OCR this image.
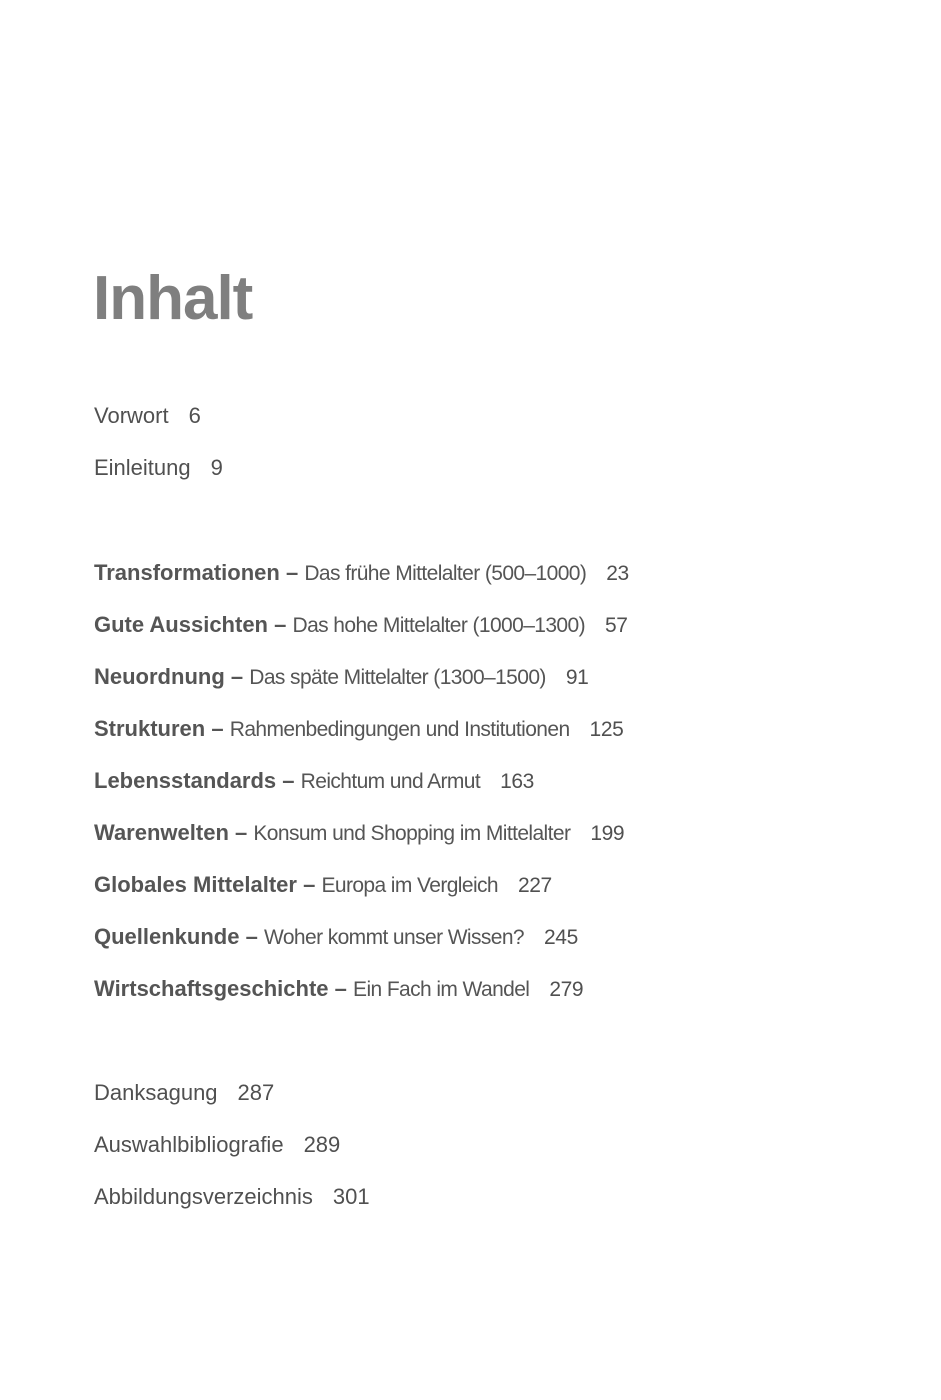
Inhalt
Vorwort 6
Einleitung 9
Transformationen – Das frühe Mittelalter (500–1000) 23
Gute Aussichten – Das hohe Mittelalter (1000–1300) 57
Neuordnung – Das späte Mittelalter (1300–1500) 91
Strukturen – Rahmenbedingungen und Institutionen 125
Lebensstandards – Reichtum und Armut 163
Warenwelten – Konsum und Shopping im Mittelalter 199
Globales Mittelalter – Europa im Vergleich 227
Quellenkunde – Woher kommt unser Wissen? 245
Wirtschaftsgeschichte – Ein Fach im Wandel 279
Danksagung 287
Auswahlbibliografie 289
Abbildungsverzeichnis 301
